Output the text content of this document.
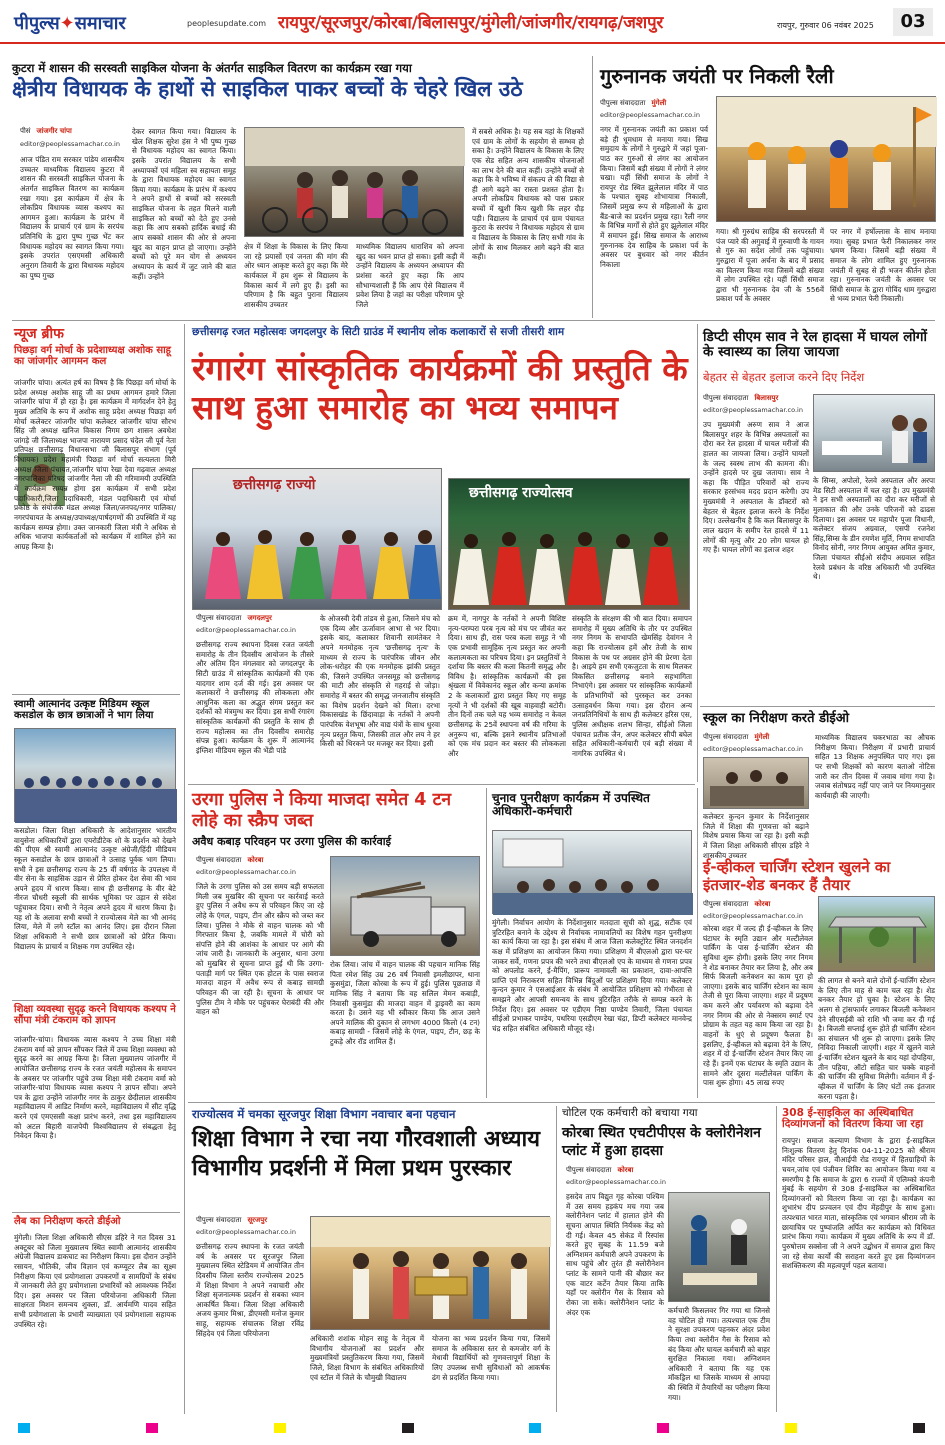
पीपुल्स✦समाचार	peoplesupdate.com रायपुर/सूरजपुर/कोरबा/बिलासपुर/मुंगेली/जांजगीर/रायगढ़/जशपुर	रायपुर, गुरुवार 06 नवंबर 2025	03
कुटरा में शासन की सरस्वती साइकिल योजना के अंतर्गत साइकिल वितरण का कार्यक्रम रखा गया
क्षेत्रीय विधायक के हाथों से साइकिल पाकर बच्चों के चेहरे खिल उठे
पीसं जांजगीर चांपा
editor@peoplessamachar.co.in
आज पंडित राम सरकार पांडेय शासकीय उच्चतर माध्यमिक विद्यालय कुटरा में शासन की सरस्वती साइकिल योजना के अंतर्गत साइकिल वितरण का कार्यक्रम रखा गया। इस कार्यक्रम में क्षेत्र के लोकप्रिय विधायक व्यास कश्यप का आगमन हुआ। कार्यक्रम के प्रारंभ में विद्यालय के प्राचार्य एवं ग्राम के सरपंच प्रतिनिधि के द्वारा पुष्प गुच्छ भेंट कर विधायक महोदय का स्वागत किया गया। इसके उपरांत एसएमसी अधिकारी अनुराग तिवारी के द्वारा विधायक महोदय का पुष्प गुच्छ
देकर स्वागत किया गया। विद्यालय के खेल शिक्षक सुरेश हंस ने भी पुष्प गुच्छ से विधायक महोदय का स्वागत किया। इसके उपरांत विद्यालय के सभी अध्यापकों एवं महिला स्व सहायता समूह के द्वारा विधायक महोदय का स्वागत किया गया। कार्यक्रम के प्रारंभ में कश्यप ने अपने हाथों से बच्चों को सरस्वती साइकिल योजना के तहत मिलने वाली साइकिल को बच्चों को देते हुए उनसे कहा कि आप सबको हार्दिक बधाई की आप सबको शासन की ओर से अपना खुद का वाहन प्राप्त हो जाएगा। उन्होंने बच्चों को पूरे मन योग से अध्ययन अध्यापन के कार्य में जुट जाने की बात कहीं। उन्होंने
क्षेत्र में शिक्षा के विकास के लिए किया जा रहे प्रयासों एवं जनता की मांग की ओर ध्यान आकृष्ट करते हुए कहा कि मेरे कार्यकाल में हम शुरू से विद्यालय के विकास कार्य में लगे हुए हैं। इसी का परिणाम है कि बहुत पुराना विद्यालय शासकीय उच्चतर
माध्यमिक विद्यालय धाराशिव को अपना खुद का भवन प्राप्त हो सका। इसी कड़ी में उन्होंने विद्यालय के अध्ययन अध्यापन की प्रशंसा करते हुए कहा कि आप सौभाग्यशाली हैं कि आप ऐसे विद्यालय में प्रवेश लिया है जहां का परीक्षा परिणाम पूरे जिले
में सबसे अधिक है। यह सब यहां के शिक्षकों एवं ग्राम के लोगों के सहयोग से सम्भव हो सका है। उन्होंने विद्यालय के विकास के लिए एक सेड सहित अन्य शासकीय योजनाओं का लाभ देने की बात कहीं। उन्होंने बच्चों से कहा कि वे भविष्य में संकल्प ले की विद्या से ही आगे बढ़ने का रास्ता प्रशस्त होता है। अपनी लोकप्रिय विधायक को पास प्रकार बच्चों में खुशी किय खुशी कि लहर दौड़ पड़ी। विद्यालय के प्राचार्य एवं ग्राम पंचायत कुटरा के सरपंच ने विधायक महोदय से ग्राम व विद्यालय के विकास के लिए सभी गांव के लोगों के साथ मिलकर आगे बढ़ने की बात कही।
गुरुनानक जयंती पर निकली रैली
पीपुल्स संवाददाता मुंगेली
editor@peoplessamachar.co.in
नगर में गुरुनानक जयंती का प्रकाश पर्व बड़े ही धूमधाम से मनाया गया। सिख समुदाय के लोगों ने गुरुद्वारे में जहां पूजा-पाठ कर गुरुओं से लंगर का आयोजन किया। जिसमें बड़ी संख्या में लोगों ने लंगर चखा। यहीं सिंधी समाज के लोगों ने रायपुर रोड स्थित झूलेलाल मंदिर में पाठ के पश्चात सुबह शोभायात्रा निकाली, जिसमें प्रमुख रूप से महिलाओं के द्वारा बैंड-बाजे का प्रदर्शन प्रमुख रहा। रैली नगर के विभिन्न मार्गों से होते हुए झूलेलाल मंदिर में समापन हुई। सिख समाज के आराध्य गुरुनानक देव साहिब के प्रकाश पर्व के अवसर पर बुधवार को नगर कीर्तन निकाला
गया। श्री गुरुग्रंथ साहिब की सरपरस्ती में पंज प्यारे की अगुवाई में गुरुवाणी के गायन से गुरु का सदेश लोगों तक पहुंचाया। गुरुद्वारा में पूजा अर्चना के बाद में प्रसाद का वितरण किया गया जिसमें बड़ी संख्या में लोग उपस्थित रहे। यहीं सिंधी समाज द्वारा भी गुरुनानक देव जी के 556वें प्रकाश पर्व के अवसर
पर नगर में हर्षोल्लास के साथ मनाया गया। सुबह प्रभात फेरी निकालकर नगर भ्रमण किया। जिसमें बड़ी संख्या में समाज के लोग शामिल हुए गुरुनानक जयंती में सुबह से ही भजन कीर्तन होता रहा। गुरुनानक जयंती के अवसर पर सिंधी समाज के द्वारा गोविंद धाम गुरुद्वारा से भव्य प्रभात फेरी निकाली।
न्यूज ब्रीफ
पिछड़ा वर्ग मोर्चा के प्रदेशाध्यक्ष अशोक साहू का जांजगीर आगमन कल
जांजगीर चांपा। अत्यंत हर्ष का विषय है कि पिछड़ा वर्ग मोर्चा के प्रदेश अध्यक्ष अशोक साहू जी का प्रथम आगमन हमारे जिला जांजगीर चांपा में हो रहा है। इस कार्यक्रम में मार्गदर्शन देने हेतु मुख्य अतिथि के रूप में अशोक साहू प्रदेश अध्यक्ष पिछड़ा वर्ग मोर्चा कलेक्टर जांजगीर चांपा कलेक्टर जांजगीर चांपा सौरभ सिंह जी अध्यक्ष खनिज विकास निगम छग शासन अवधेश जांगड़े जी जिलाध्यक्ष भाजपा नारायण प्रसाद चंदेल जी पूर्व नेता प्रतिपक्ष छत्तीसगढ़ विधानसभा जी बिलासपुर संभाग (पूर्व विधायक) प्रदेश महामंत्री पिछड़ा वर्ग मोर्चा सत्यलता मिरी अध्यक्ष जिला पंचायत,जांजगीर चांपा रेखा देवा गढ़वाल अध्यक्ष नगरपालिका परिषद जांजगीर नैला जी की गरिमामयी उपस्थिति में कार्यक्रम सम्पन्न होगा इस कार्यक्रम में सभी प्रदेश पदाधिकारी,जिला पदाधिकारी, मंडल पदाधिकारी एवं मोर्चा प्रकोष्ठ के संयोजक मंडल अध्यक्ष जिला/जनपद/नगर पालिका/नगरपंचायत के अध्यक्ष/उपाध्यक्ष/पार्षदगणों की उपस्थिति में यह कार्यक्रम सम्पन्न होगा। उक्त जानकारी जिला मंत्री ने अधिक से अधिक भाजपा कार्यकर्ताओं को कार्यक्रम में शामिल होने का आग्रह किया है।
स्वामी आत्मानंद उत्कृष्ट मिडियम स्कूल कसडोल के छात्र छात्राओं ने भाग लिया
कसडोल। जिला शिक्षा अधिकारी के आदेशानुसार भारतीय वायुसेना अधिकारियों द्वारा एयरोडीटेक शो के प्रदर्शन को देखने की पीएम श्री स्वामी आत्मानंद उत्कृष्ट अंग्रेजी/हिंदी मीडियम स्कूल कसडोल के छात्र छात्राओं ने उत्साह पूर्वक भाग लिया। सभी ने इस छत्तीसगढ़ राज्य के 25 वीं वर्षगांठ के उपलक्ष्य में वीर सेना के साहसिक उड़ान से प्रेरित होकर देश सेवा की भाव अपने हृदय में धारण किया। साथ ही छत्तीसगढ़ के वीर बेटे नीरज चौधरी स्कूली की सार्थक भूमिका पर उड़ान से संदेश पहुंचाकर दिया। सभी ने नेतृत्व अपने हृदय में धारण किया है। यह शो के अलावा सभी बच्चों ने राज्योत्सव मेले का भी आनंद लिया, मेले में लगे स्टॉल का आनंद लिए। इस दौरान जिला शिक्षा अधिकारी ने सभी छात्र छात्राओं को प्रेरित किया। विद्यालय के प्राचार्य व शिक्षक गण उपस्थित रहे।
शिक्षा व्यवस्था सुदृढ़ करने विधायक कश्यप ने सौंपा मंत्री टंकराम को ज्ञापन
जांजगीर-चांपा। विधायक व्यास कश्यप ने उच्च शिक्षा मंत्री टंकराम वर्मा को ज्ञापन सौंपकर जिले में उच्च शिक्षा व्यवस्था को सुदृढ़ करने का आग्रह किया है। जिला मुख्यालय जांजगीर में आयोजित छत्तीसगढ़ राज्य के रजत जयंती महोत्सव के समापन के अवसर पर जांजगीर पहुंचे उच्च शिक्षा मंत्री टंकराम वर्मा को जांजगीर-चांपा विधायक व्यास कश्यप ने ज्ञापन सौंपा। अपने पत्र के द्वारा उन्होंने जांजगीर नगर के ठाकुर छेदीलाल शासकीय महाविद्यालय में आडिट निर्माण करने, महाविद्यालय में सीट वृद्धि करने एवं एमएससी कक्षा प्रारंभ करने, तथा इस महाविद्यालय को अटल बिहारी वाजपेयी विश्वविद्यालय से संबद्धता हेतु निवेदन किया है।
लैब का निरीक्षण करते डीईओ
मुंगेली। जिला शिक्षा अधिकारी सीएस डहिरे ने गत दिवस 31 अक्टूबर को जिला मुख्यालय स्थित स्वामी आत्मानंद शासकीय अंग्रेजी विद्यालय डाकघाट का निरीक्षण किया। इस दौरान उन्होंने रसायन, भौतिकी, जीव विज्ञान एवं कम्प्यूटर लैब का सूक्ष्म निरीक्षण किया एवं प्रयोगशाला उपकरणों व सामग्रियों के संबंध में जानकारी लेते हुए प्रयोगशाला प्रभारियों को आवश्यक निर्देश दिए। इस अवसर पर जिला परियोजना अधिकारी जिला साक्षरता मिशन समन्वय शुक्ला, डॉ. आर्यमणि यादव सहित सभी प्रयोगशाला के प्रभारी व्याख्याता एवं प्रयोगशाला सहायक उपस्थित रहे।
छत्तीसगढ़ रजत महोत्सवः जगदलपुर के सिटी ग्राउंड में स्थानीय लोक कलाकारों से सजी तीसरी शाम
रंगारंग सांस्कृतिक कार्यक्रमों की प्रस्तुति के साथ हुआ समारोह का भव्य समापन
छत्तीसगढ़ राज्यो	छत्तीसगढ़ राज्योत्सव
पीपुल्स संवाददाता जगदलपुर
editor@peoplessamachar.co.in
छत्तीसगढ़ राज्य स्थापना दिवस रजत जयंती समारोह के तीन दिवसीय आयोजन के तीसरे और अंतिम दिन मंगलवार को जगदलपुर के सिटी ग्राउंड में सांस्कृतिक कार्यक्रमों की एक यादगार शाम दर्ज की गई। इस अवसर पर कलाकारों ने छत्तीसगढ़ की लोककला और आधुनिक कला का अद्भुत संगम प्रस्तुत कर दर्शकों को मंत्रमुग्ध कर दिया। इस सभी रंगारंग सांस्कृतिक कार्यक्रमों की प्रस्तुति के साथ ही राज्य महोत्सव का तीन दिवसीय समारोह संपन्न हुआ। कार्यक्रम के शुरू में आत्मानंद इंग्लिश मीडियम स्कूल की भेंडी पांडे
के ओजस्वी देवी तांडव से हुआ, जिसने मंच को एक दिव्य और ऊर्जावान आभा से भर दिया। इसके बाद, कलाकार शिवानी सामंतेकर ने अपने मनमोहक नृत्य 'छत्तीसगढ़ नृत्य' के माध्यम से राज्य के पारंपरिक जीवन और लोक-धरोहर की एक मनमोहक झांकी प्रस्तुत की, जिसने उपस्थित जनसमूह को छत्तीसगढ़ की माटी और संस्कृति से गहराई से जोड़ा। समारोह में बस्तर की समृद्ध जनजातीय संस्कृति का विशेष प्रदर्शन देखने को मिला। दरभा विकासखंड के छिंदावाड़ा के नर्तकों ने अपनी पारंपरिक वेशभूषा और वाद्य यंत्रों के साथ धुरवा नृत्य प्रस्तुत किया, जिसकी ताल और लय ने हर किसी को थिरकने पर मजबूर कर दिया। इसी
क्रम में, नागपुर के नर्तकों ने अपनी विशिष्ट नृत्य-परम्परा परब नृत्य को मंच पर जीवंत कर दिया। साथ ही, रास परब कला समूह ने भी एक प्रभावी सामूहिक नृत्य प्रस्तुत कर अपनी कलात्मकता का परिचय दिया। इन प्रस्तुतियों ने दर्शाया कि बस्तर की कला कितनी समृद्ध और विविध है। सांस्कृतिक कार्यक्रमों की इस श्रृंखला में विवेकानंद स्कूल और कन्या क्रमांक 2 के कलाकारों द्वारा प्रस्तुत किए गए समूह नृत्यों ने भी दर्शकों की खूब वाहवाही बटोरी। तीन दिनों तक चले यह भव्य समारोह न केवल छत्तीसगढ़ के 25वें स्थापना वर्ष की गरिमा के अनुरूप था, बल्कि इसने स्थानीय प्रतिभाओं को एक मंच प्रदान कर बस्तर की लोककला और
संस्कृति के संरक्षण की भी बात दिया। समापन समारोह में मुख्य अतिथि के तौर पर उपस्थित नगर निगम के सभापति खेमसिंह देवांगन ने कहा कि राज्योत्सव हमें और तेजी के साथ विकास के पथ पर अग्रसर होने की प्रेरणा देता है। आइये हम सभी एकजुटता के साथ मिलकर विकसित छत्तीसगढ़ बनाने सहभागिता निभाएंगे। इस अवसर पर सांस्कृतिक कार्यक्रमों के प्रतिभागियों को पुरस्कृत कर उनका उत्साहवर्धन किया गया। इस दौरान अन्य जनप्रतिनिधियों के साथ ही कलेक्टर हरिस एस, पुलिस अधीक्षक शलभ सिन्हा, सीईओ जिला पंचायत प्रतीक जैन, अपर कलेक्टर सीपी बघेल सहित अधिकारी-कर्मचारी एवं बड़ी संख्या में नागरिक उपस्थित थे।
डिप्टी सीएम साव ने रेल हादसा में घायल लोगों के स्वास्थ्य का लिया जायजा
बेहतर से बेहतर इलाज करने दिए निर्देश
पीपुल्स संवाददाता बिलासपुर
editor@peoplessamachar.co.in
उप मुख्यमंत्री अरुण साव ने आज बिलासपुर शहर के विभिन्न अस्पतालों का दौरा कर रेल हादसा में घायल मरीजों की हालत का जायजा लिया। उन्होंने घायलों के जल्द स्वस्थ लाभ की कामना की। उन्होंने हादसे पर दुख जताया। साव ने कहा कि पीड़ित परिवारों को राज्य सरकार हरसंभव मदद प्रदान करेगी। उप मुख्यमंत्री ने अस्पताल के डॉक्टरों को बेहतर से बेहतर इलाज करने के निर्देश दिए। उल्लेखनीय है कि कल बिलासपुर के लाल खदान के समीप रेल हादसे में 11 लोगों की मृत्यु और 20 लोग घायल हो गए हैं। घायल लोगों का इलाज शहर
के सिम्स, अपोलो, रेलवे अस्पताल और अरपा मेड सिटी अस्पताल में चल रहा है। उप मुख्यमंत्री ने इन सभी अस्पतालों का दौरा कर मरीजों से मुलाकात की और उनके परिजनों को ढाढस दिलाया। इस अवसर पर महापौर पूजा विधानी, कलेक्टर संजय अग्रवाल, एसपी रजनेश सिंह,सिम्स के डीन रमणेश मूर्ति, निगम सभापति विनोद सोनी, नगर निगम आयुक्त अमित कुमार, जिला पंचायत सीईओ संदीप अग्रवाल सहित रेलवे प्रबंधन के वरिष्ठ अधिकारी भी उपस्थित थे।
स्कूल का निरीक्षण करते डीईओ
पीपुल्स संवाददाता मुंगेली
editor@peoplessamachar.co.in
कलेक्टर कुन्दन कुमार के निर्देशानुसार जिले में शिक्षा की गुणवत्ता को बढ़ाने विशेष प्रयास किया जा रहा है। इसी कड़ी में जिला शिक्षा अधिकारी सीएस डहिरे ने शासकीय उच्चतर
माध्यमिक विद्यालय चकरभाठा का औचक निरीक्षण किया। निरीक्षण में प्रभारी प्राचार्य सहित 13 शिक्षक अनुपस्थित पाए गए। इस पर सभी शिक्षकों को कारण बताओ नोटिस जारी कर तीन दिवस में जवाब मांगा गया है। जवाब संतोषप्रद नहीं पाए जाने पर नियमानुसार कार्यवाही की जाएगी।
उरगा पुलिस ने किया माजदा समेत 4 टन लोहे का स्क्रैप जब्त
अवैध कबाड़ परिवहन पर उरगा पुलिस की कार्रवाई
पीपुल्स संवाददाता कोरबा
editor@peoplessamachar.co.in
जिले के उरगा पुलिस को उस समय बड़ी सफलता मिली जब मुखबिर की सूचना पर कार्रवाई करते हुए पुलिस ने अवैध रूप से परिवहन किए जा रहे लोहे के एंगल, पाइप, टीन और स्क्रैप को जब्त कर लिया। पुलिस ने मौके से वाहन चालक को भी गिरफ्तार किया है, जबकि मामले में चोरी को संपत्ति होने की आशंका के आधार पर आगे की जांच जारी है। जानकारी के अनुसार, थाना उरगा को मुखबिर से सूचना प्राप्त हुई थी कि उरगा-पताड़ी मार्ग पर स्थित एक होटल के पास स्वराज माजदा वाहन में अवैध रूप से कबाड़ सामग्री परिवहन की जा रही है। सूचना के आधार पर पुलिस टीम ने मौके पर पहुंचकर घेराबंदी की और वाहन को
रोक लिया। जांच में वाहन चालक की पहचान मानिक सिंह पिता रमेश सिंह उम्र 26 वर्ष निवासी इमलीछापर, थाना कुसमुंडा, जिला कोरबा के रूप में हुई। पुलिस पूछताछ में मानिक सिंह ने बताया कि वह सलिल मेमन कबाड़ी, निवासी कुसमुंडा की माजदा वाहन में ड्राइवरी का काम करता है। उसने यह भी स्वीकार किया कि आज उसने अपने मालिक की दुकान से लगभग 4000 किलो (4 टन) कबाड़ सामग्री - जिसमें लोहे के एंगल, पाइप, टीन, छड़ के टुकड़े और रॉड शामिल हैं।
चुनाव पुनरीक्षण कार्यक्रम में उपस्थित अधिकारी-कर्मचारी
मुंगेली। निर्वाचन आयोग के निर्देशानुसार मतदाता सूची को शुद्ध, सटीक एवं त्रुटिरहित बनाने के उद्देश्य से निर्वाचक नामावलियों का विशेष गहन पुनरीक्षण का कार्य किया जा रहा है। इस संबंध में आज जिला कलेक्ट्रोरेट स्थित जनदर्शन कक्ष में प्रशिक्षण का आयोजन किया गया। प्रशिक्षण में बीएलओ द्वारा घर-घर जाकर सर्वे, गणना प्रपत्र की भरने तथा बीएलओ एप के माध्यम से गणना प्रपत्र को अपलोड करने, ई-मैपिंग, प्रारूप नामावली का प्रकाशन, दावा-आपत्ति प्राप्ति एवं निराकरण सहित विभिन्न बिंदुओं पर प्रशिक्षण दिया गया। कलेक्टर कुन्दन कुमार ने एसआईआर के संबंध में आयोजित प्रशिक्षण को गंभीरता से समझने और आपसी समन्वय के साथ त्रुटिरहित तरीके से सम्पन्न करने के निर्देश दिए। इस अवसर पर एडीएम निष्ठा पाण्डेय तिवारी, जिला पंचायत सीईओ प्रभाकर पाण्डेय, पथरिया एसडीएम रेखा चंद्रा, डिप्टी कलेक्टर मानवेन्द्र चंद्र सहित संबंधित अधिकारी मौजूद रहे।
ई-व्हीकल चार्जिंग स्टेशन खुलने का इंतजार-शेड बनकर हैं तैयार
पीपुल्स संवाददाता कोरबा
editor@peoplessamachar.co.in
कोरबा शहर में जल्द ही ई-व्हीकल के लिए घंटाघर के स्मृति उद्यान और मल्टीलेवल पार्किंग के पास ई-चार्जिंग स्टेशन की सुविधा शुरू होगी। इसके लिए नगर निगम ने शेड बनाकर तैयार कर लिया है, और अब सिर्फ बिजली कनेक्शन का काम पूरा हो जाएगा। इसके बाद चार्जिंग स्टेशन का काम तेजी से पूरा किया जाएगा। शहर में प्रदूषण कम करने और पर्यावरण को बढ़ावा देने नगर निगम की ओर से नेक्सरम स्मार्ट एप प्रोग्राम के तहत यह काम किया जा रहा है। वाहनों के धुएं से प्रदूषण फैलता है। इसलिए, ई-व्हीकल को बढ़ावा देने के लिए, शहर में दो ई-चार्जिंग स्टेशन तैयार किए जा रहे हैं। इनमें एक घंटाघर के स्मृति उद्यान के सामने और दूसरा मल्टीलेवल पार्किंग के पास शुरू होगा। 45 लाख रुपए
की लागत से बनने वाले दोनों ई-चार्जिंग स्टेशन के लिए तीन माह से काम चल रहा है। शेड बनकर तैयार हो चुका है। स्टेशन के लिए अलग से ट्रांसफार्मर लगाकर बिजली कनेक्शन देने सीएसईबी को राशि भी जमा कर दी गई है। बिजली सप्लाई शुरू होते ही चार्जिंग स्टेशन का संचालन भी शुरू हो जाएगा। इसके लिए निविदा निकाली जाएगी। शहर में खुलने वाले ई-चार्जिंग स्टेशन खुलने के बाद यहां दोपहिया, तीन पहिया, ऑटो सहित चार चक्के वाहनों की चार्जिंग की सुविधा मिलेगी। वर्तमान में ई-व्हीकल में चार्जिंग के लिए घंटों तक इंतजार करना पड़ता है।
राज्योत्सव में चमका सूरजपुर शिक्षा विभाग नवाचार बना पहचान
शिक्षा विभाग ने रचा नया गौरवशाली अध्याय विभागीय प्रदर्शनी में मिला प्रथम पुरस्कार
पीपुल्स संवाददाता सूरजपुर
editor@peoplessamachar.co.in
छत्तीसगढ़ राज्य स्थापना के रजत जयंती वर्ष के अवसर पर सूरजपुर जिला मुख्यालय स्थित स्टेडियम में आयोजित तीन दिवसीय जिला स्तरीय राज्योत्सव 2025 में शिक्षा विभाग ने अपने नवाचारी और शिक्षा सृजनात्मक प्रदर्शन से सबका ध्यान आकर्षित किया। जिला शिक्षा अधिकारी अजय कुमार मिश्रा, डीएमसी मनोज कुमार साहू, सहायक संचालक शिक्षा रविंद्र सिंहदेव एवं जिला परियोजना
अधिकारी शशांक मोहन साहू के नेतृत्व में विभागीय योजनाओं का प्रदर्शन और मुख्यमंत्रियों प्रस्तुतिकरण किया गया, जिसमें जिले, शिक्षा विभाग के संबंधित अधिकारियों एवं स्टॉल में जिले के चौमुखी विद्यालय
योजना का भव्य प्रदर्शन किया गया, जिसमें समाज के अविकास स्तर से कमजोर वर्ग के मेधावी विद्यार्थियों को गुणवत्तापूर्ण शिक्षा के लिए उपलब्ध सभी सुविधाओं को आकर्षक ढंग से प्रदर्शित किया गया।
चोटिल एक कर्मचारी को बचाया गया
कोरबा स्थित एचटीपीएस के क्लोरीनेशन प्लांट में हुआ हादसा
पीपुल्स संवाददाता कोरबा
editor@peoplessamachar.co.in
हसदेव ताप विद्युत गृह कोरबा पश्चिम में उस समय हड़कंप मच गया जब क्लोरीनेशन प्लांट में हालात होने की सूचना आपात स्थिति निर्यंत्रक केंद्र को दी गई। केवल 45 सेकंड में रिस्पांस करते हुए सुबह के 11.59 बजे अग्निशमन कर्मचारी अपने उपकरण के साथ पहुंचे और तुरंत ही क्लोरीनेशन प्लांट के सामने पानी की बौछार कर एक वाटर कर्टेन तैयार किया ताकि यहाँ पर क्लोरीन गैस के रिसाव को रोका जा सके। क्लोरीनेशन प्लांट के अंदर एक	कर्मचारी किसलवर गिर गया था जिनसे वह चोटिल हो गया। तत्पश्चात एक टीम ने सुरक्षा उपकरण पहनकर अंदर प्रवेश किया तथा क्लोरीन गैस के रिसाव को बंद किया और घायल कर्मचारी को बाहर सुरक्षित निकाला गया। अग्निशमन अधिकारी ने बताया कि यह एक मॉकड्रिल था जिसके माध्यम से आपदा की स्थिति में तैयारियों का परीक्षण किया गया।
308 ई-साइकिल का अस्थिबाधित दिव्यांगजनों को वितरण किया जा रहा
रायपुर। समाज कल्याण विभाग के द्वारा ई-साइकिल निःशुल्क वितरण हेतु दिनांक 04-11-2025 को श्रीराम मंदिर परिसर हाल, वीआईपी रोड रायपुर में हितग्राहियों के चयन,जांच एवं पंजीयन शिविर का आयोजन किया गया व स्मरणीय है कि समाज के द्वारा 6 राज्यों में एलिम्को कंपनी मुंबई के सहयोग से 308 ई-साइकिल का अस्थिबाधित दिव्यांगजनों को वितरण किया जा रहा है। कार्यक्रम का शुभारंभ दीप प्रज्वलन एवं दीप मेंहदीपुर के साथ हुआ। तत्पश्चात भारत माता, सांस्कृतिक एवं भगवान श्रीराम जी के छायाचित्र पर पुष्पांजलि अर्पित कर कार्यक्रम को विधिवत प्रारंभ किया गया। कार्यक्रम में मुख्य अतिथि के रूप में डॉ. पुरुषोत्तम सक्सेना जी ने अपने उद्बोधन में समाज द्वारा किए जा रहे सेवा कार्यों की सराहना करते हुए इस दिव्यांगजन सशक्तिकरण की महत्वपूर्ण पहल बताया।
